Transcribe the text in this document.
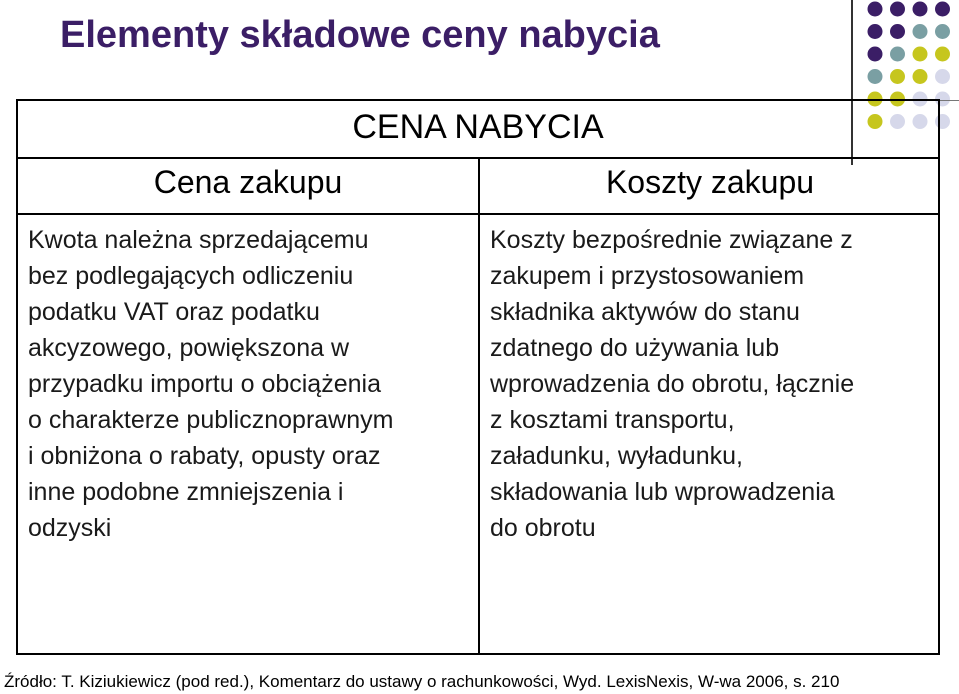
Elementy składowe ceny nabycia
CENA NABYCIA
Cena zakupu	Koszty zakupu
Kwota należna sprzedającemu
bez podlegających odliczeniu
podatku VAT oraz podatku
akcyzowego, powiększona w
przypadku importu o obciążenia
o charakterze publicznoprawnym
i obniżona o rabaty, opusty oraz
inne podobne zmniejszenia i
odzyski
Koszty bezpośrednie związane z
zakupem i przystosowaniem
składnika aktywów do stanu
zdatnego do używania lub
wprowadzenia do obrotu, łącznie
z kosztami transportu,
załadunku, wyładunku,
składowania lub wprowadzenia
do obrotu
Źródło: T. Kiziukiewicz (pod red.), Komentarz do ustawy o rachunkowości, Wyd. LexisNexis, W-wa 2006, s. 210
